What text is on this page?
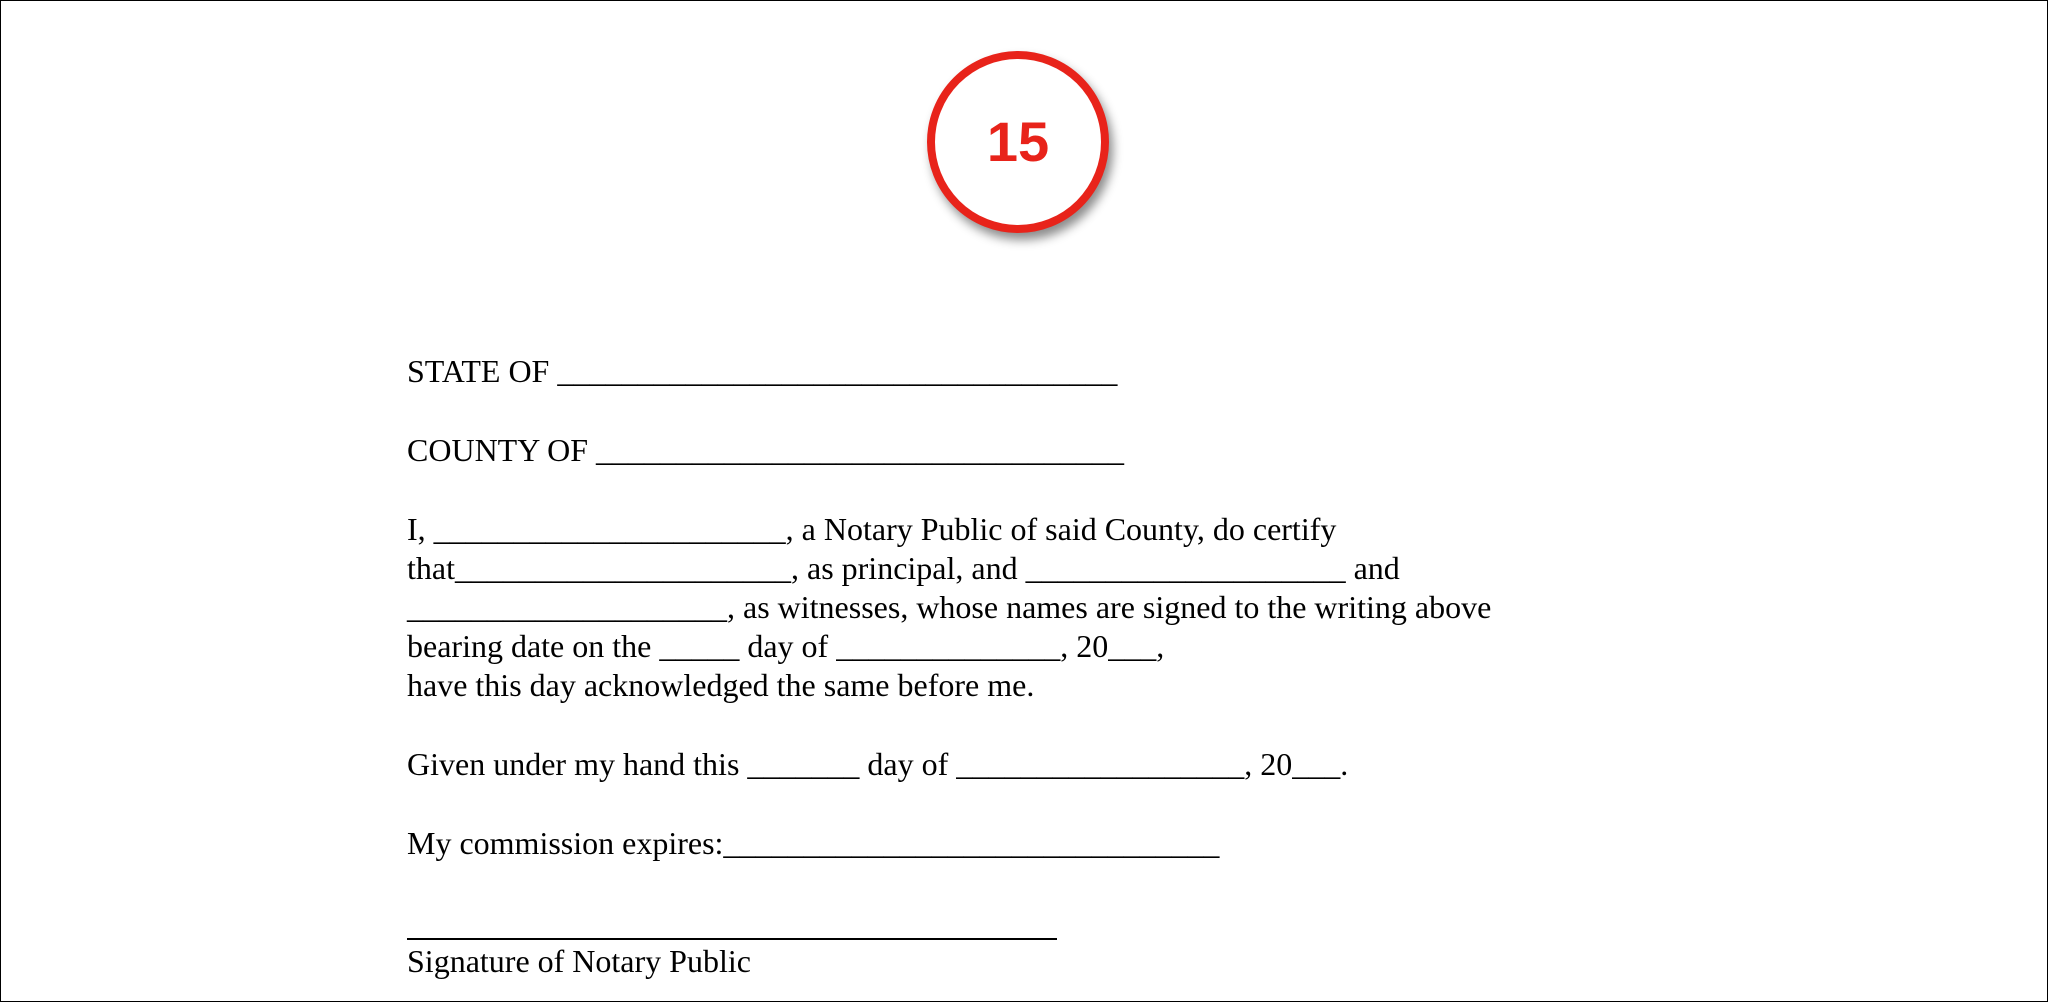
15
STATE OF ___________________________________
COUNTY OF _________________________________
I, ______________________, a Notary Public of said County, do certify
that_____________________, as principal, and ____________________ and
____________________, as witnesses, whose names are signed to the writing above
bearing date on the _____ day of ______________, 20___,
have this day acknowledged the same before me.
Given under my hand this _______ day of __________________, 20___.
My commission expires:_______________________________
Signature of Notary Public
